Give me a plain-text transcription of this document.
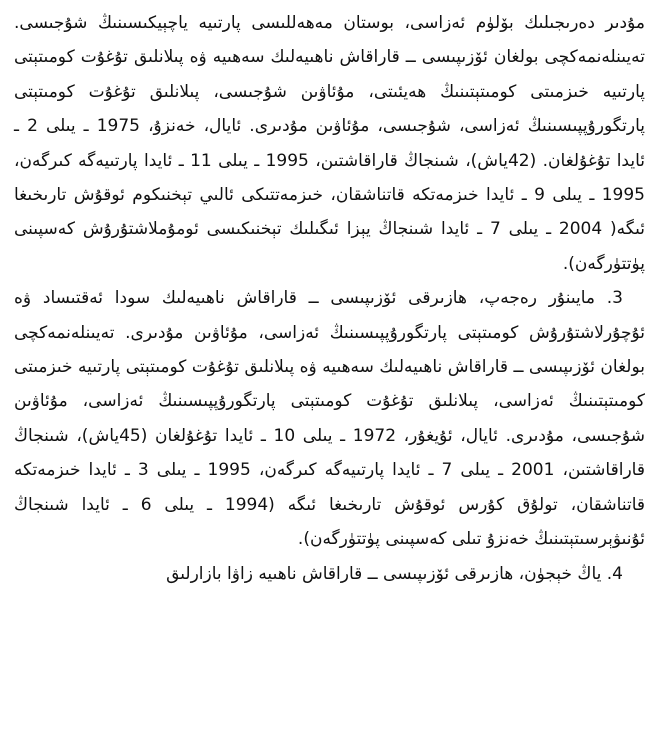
مۇدىر دەرىجىلىك بۆلۈم ئەزاسى، بوستان مەھەللىسى پارتىيە ياچېيكىسىنىڭ شۇجىسى. تەيىنلەنمەكچى بولغان ئۆزىپىسى ــ قاراقاش ناھىيەلىك سەھىيە ۋە پىلانلىق تۇغۇت كومىتېتى پارتىيە خىزمىتى كومىتېتىنىڭ ھەيئىتى، مۇئاۋىن شۇجىسى، پىلانلىق تۇغۇت كومىتېتى پارتگورۇپپىسىنىڭ ئەزاسى، شۇجىسى، مۇئاۋىن مۇدىرى. ئايال، خەنزۇ، 1975 ـ يىلى 2 ـ ئايدا تۇغۇلغان. (42ياش)، شىنجاڭ قاراقاشتىن، 1995 ـ يىلى 11 ـ ئايدا پارتىيەگە كىرگەن، 1995 ـ يىلى 9 ـ ئايدا خىزمەتكە قاتناشقان، خىزمەتتىكى ئالىي تېخنىكوم ئوقۇش تارىخىغا ئىگە( 2004 ـ يىلى 7 ـ ئايدا شىنجاڭ يېزا ئىگىلىك تېخنىكىسى ئومۇملاشتۇرۇش كەسپىنى پۈتتۈرگەن).

3. مايىنۇر رەجەپ، ھازىرقى ئۆزىپىسى ــ قاراقاش ناھىيەلىك سودا ئەقتىساد ۋە ئۇچۇرلاشتۇرۇش كومىتېتى پارتگورۇپپىسىنىڭ ئەزاسى، مۇئاۋىن مۇدىرى. تەيىنلەنمەكچى بولغان ئۆزىپىسى ــ قاراقاش ناھىيەلىك سەھىيە ۋە پىلانلىق تۇغۇت كومىتېتى پارتىيە خىزمىتى كومىتېتىنىڭ ئەزاسى، پىلانلىق تۇغۇت كومىتېتى پارتگورۇپپىسىنىڭ ئەزاسى، مۇئاۋىن شۇجىسى، مۇدىرى. ئايال، ئۇيغۇر، 1972 ـ يىلى 10 ـ ئايدا تۇغۇلغان (45ياش)، شىنجاڭ قاراقاشتىن، 2001 ـ يىلى 7 ـ ئايدا پارتىيەگە كىرگەن، 1995 ـ يىلى 3 ـ ئايدا خىزمەتكە قاتناشقان، تولۇق كۇرس ئوقۇش تارىخىغا ئىگە (1994 ـ يىلى 6 ـ ئايدا شىنجاڭ ئۇنىۋېرسىتېتىنىڭ خەنزۇ تىلى كەسپىنى پۈتتۈرگەن).

4. ياڭ خېجۈن، ھازىرقى ئۆزىپىسى ــ قاراقاش ناھىيە زاۋا بازارلىق
